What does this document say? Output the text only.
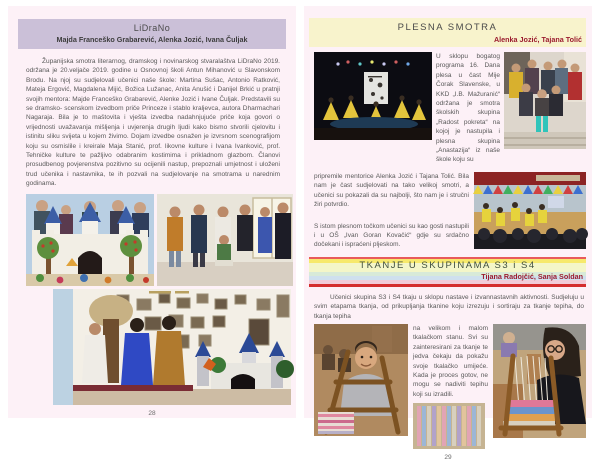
LiDraNo
Majda Franceško Grabarević, Alenka Jozić, Ivana Čuljak

Županijska smotra literarnog, dramskog i novinarskog stvaralaštva LiDraNo 2019. održana je 20.veljače 2019. godine u Osnovnoj školi Antun Mihanović u Slavonskom Brodu. Na njoj su sudjelovali učenici naše škole: Martina Sušac, Antonio Ratković, Mateja Ergović, Magdalena Mijić, Božica Lužanac, Anita Anušić i Danijel Brkić u pratnji svojih mentora: Majde Franceško Grabarević, Alenke Jozić i Ivane Čuljak. Predstavili su se dramsko- scenskom izvedbom priče Princeze i stablo kraljevca, autora Dharmachari Nagaraja. Bila je to maštovita i vješta izvedba nadahnjujuće priče koja govori o vrijednosti uvažavanja mišljenja i uvjerenja drugih ljudi kako bismo stvorili cjelovitu i istinitu sliku svijeta u kojem živimo. Dojam izvedbe osnažen je izvrsnom scenografijom koju su osmislile i kreirale Maja Stanić, prof. likovne kulture i Ivana Ivanković, prof. Tehničke kulture te pažljivo odabranim kostimima i prikladnom glazbom. Članovi prosudbenog povjerenstva pozitivno su ocijenili nastup, prepoznali umjetnost i uloženi trud učenika i nastavnika, te ih pozvali na sudjelovanje na smotrama u narednim godinama.

28
PLESNA SMOTRA
Alenka Jozić, Tajana Tolić

U sklopu bogatog programa 16. Dana plesa u čast Mije Čorak Slavenske, u KKD „I.B. Mažuranić“ održana je smotra školskih skupina „Radost pokreta“ na kojoj je nastupila i plesna skupina „Anastazija“ iz naše škole koju su

pripremile mentorice Alenka Jozić i Tajana Tolić. Bila nam je čast sudjelovati na tako velikoj smotri, a učenici su pokazali da su najbolji, što nam je i stručni žiri potvrdio.

S istom plesnom točkom učenici su kao gosti nastupili i u OŠ „Ivan Goran Kovačić“ gdje su srdačno dočekani i ispraćeni pljeskom.

TKANJE U SKUPINAMA S3 i S4
Tijana Radojčić, Sanja Soldan

Učenici skupina S3 i S4 tkaju u sklopu nastave i izvannastavnih aktivnosti. Sudjeluju u svim etapama tkanja, od prikupljanja tkanine koju izrezuju i sortiraju za tkanje tepiha, do tkanja tepiha

na velikom i malom tkalačkom stanu. Svi su zainteresirani za tkanje te jedva čekaju da pokažu svoje tkalačko umijeće. Kada je proces gotov, ne mogu se nadiviti tepihu koji su izradili.

29
